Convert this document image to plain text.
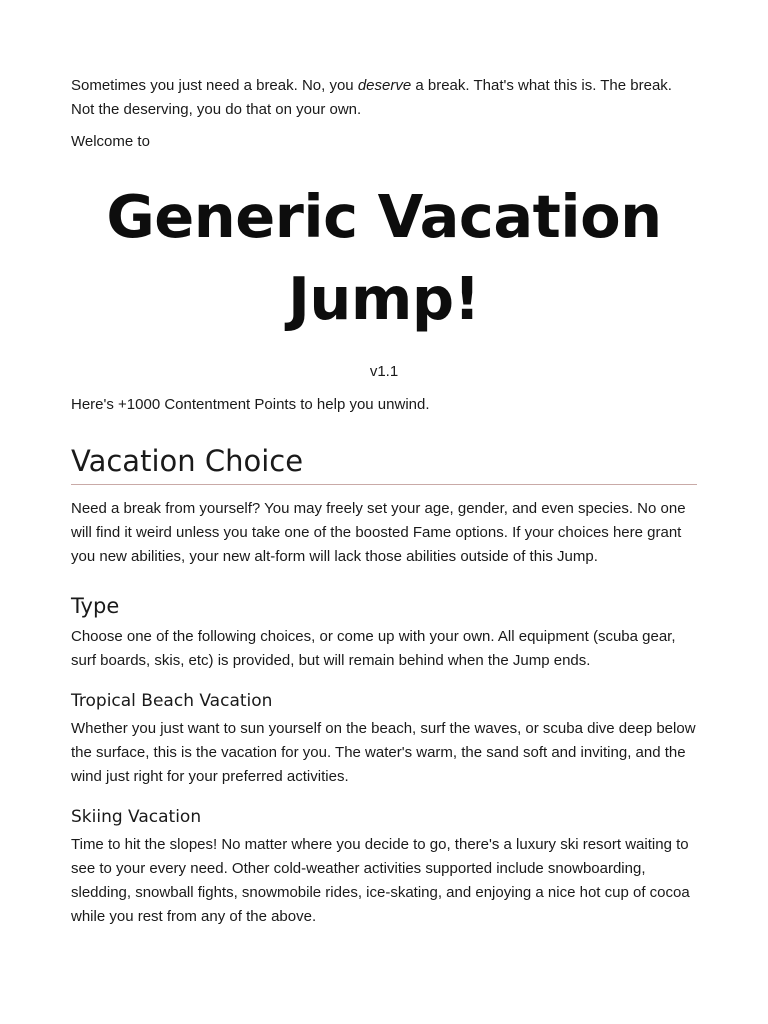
Sometimes you just need a break. No, you deserve a break. That's what this is. The break. Not the deserving, you do that on your own.

Welcome to

Generic Vacation Jump!

v1.1

Here's +1000 Contentment Points to help you unwind.

Vacation Choice

Need a break from yourself? You may freely set your age, gender, and even species. No one will find it weird unless you take one of the boosted Fame options. If your choices here grant you new abilities, your new alt-form will lack those abilities outside of this Jump.

Type

Choose one of the following choices, or come up with your own. All equipment (scuba gear, surf boards, skis, etc) is provided, but will remain behind when the Jump ends.

Tropical Beach Vacation

Whether you just want to sun yourself on the beach, surf the waves, or scuba dive deep below the surface, this is the vacation for you. The water's warm, the sand soft and inviting, and the wind just right for your preferred activities.

Skiing Vacation

Time to hit the slopes! No matter where you decide to go, there's a luxury ski resort waiting to see to your every need. Other cold-weather activities supported include snowboarding, sledding, snowball fights, snowmobile rides, ice-skating, and enjoying a nice hot cup of cocoa while you rest from any of the above.
